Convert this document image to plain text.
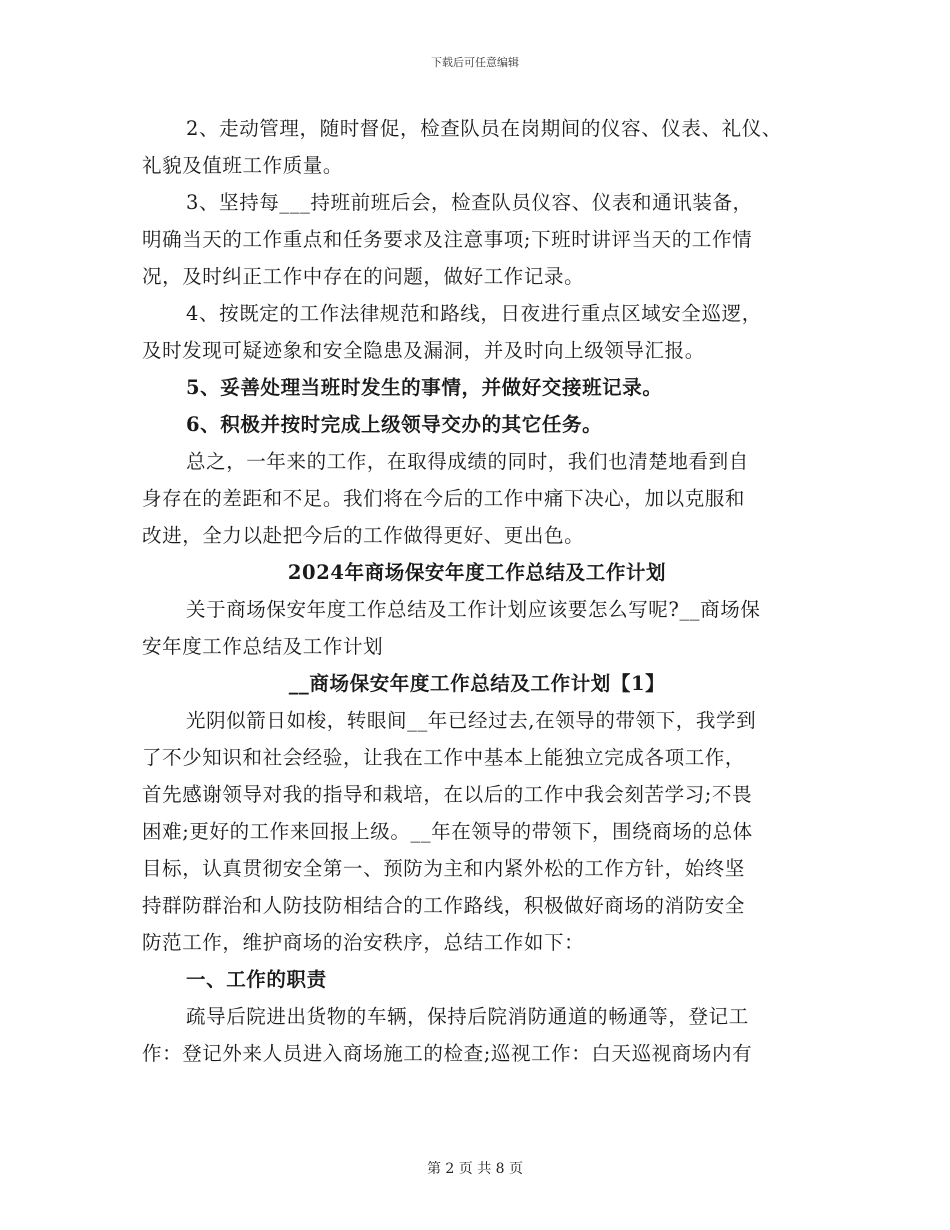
下载后可任意编辑
2、走动管理，随时督促，检查队员在岗期间的仪容、仪表、礼仪、
礼貌及值班工作质量。
3、坚持每___持班前班后会，检查队员仪容、仪表和通讯装备，
明确当天的工作重点和任务要求及注意事项;下班时讲评当天的工作情
况，及时纠正工作中存在的问题，做好工作记录。
4、按既定的工作法律规范和路线，日夜进行重点区域安全巡逻，
及时发现可疑迹象和安全隐患及漏洞，并及时向上级领导汇报。
5、妥善处理当班时发生的事情，并做好交接班记录。
6、积极并按时完成上级领导交办的其它任务。
总之，一年来的工作，在取得成绩的同时，我们也清楚地看到自
身存在的差距和不足。我们将在今后的工作中痛下决心，加以克服和
改进，全力以赴把今后的工作做得更好、更出色。
2024年商场保安年度工作总结及工作计划
关于商场保安年度工作总结及工作计划应该要怎么写呢?__商场保
安年度工作总结及工作计划
__商场保安年度工作总结及工作计划【1】
光阴似箭日如梭，转眼间__年已经过去,在领导的带领下，我学到
了不少知识和社会经验，让我在工作中基本上能独立完成各项工作，
首先感谢领导对我的指导和栽培，在以后的工作中我会刻苦学习;不畏
困难;更好的工作来回报上级。__年在领导的带领下，围绕商场的总体
目标，认真贯彻安全第一、预防为主和内紧外松的工作方针，始终坚
持群防群治和人防技防相结合的工作路线，积极做好商场的消防安全
防范工作，维护商场的治安秩序，总结工作如下：
一、工作的职责
疏导后院进出货物的车辆，保持后院消防通道的畅通等，登记工
作：登记外来人员进入商场施工的检查;巡视工作：白天巡视商场内有
第 2 页 共 8 页
